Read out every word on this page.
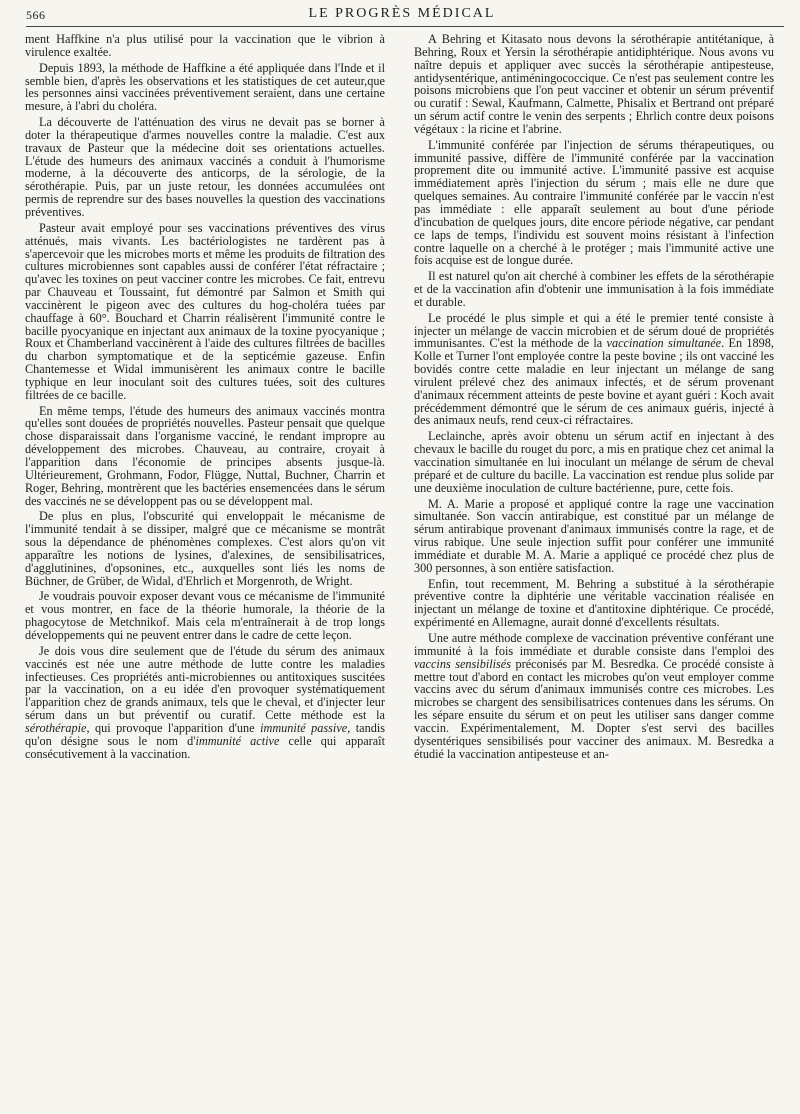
566	LE PROGRÈS MÉDICAL

ment Haffkine n'a plus utilisé pour la vaccination que le vibrion à virulence exaltée.

Depuis 1893, la méthode de Haffkine a été appliquée dans l'Inde et il semble bien, d'après les observations et les statistiques de cet auteur,que les personnes ainsi vaccinées préventivement seraient, dans une certaine mesure, à l'abri du choléra.

La découverte de l'atténuation des virus ne devait pas se borner à doter la thérapeutique d'armes nouvelles contre la maladie. C'est aux travaux de Pasteur que la médecine doit ses orientations actuelles. L'étude des humeurs des animaux vaccinés a conduit à l'humorisme moderne, à la découverte des anticorps, de la sérologie, de la sérothérapie. Puis, par un juste retour, les données accumulées ont permis de reprendre sur des bases nouvelles la question des vaccinations préventives.

Pasteur avait employé pour ses vaccinations préventives des virus atténués, mais vivants. Les bactériologistes ne tardèrent pas à s'apercevoir que les microbes morts et même les produits de filtration des cultures microbiennes sont capables aussi de conférer l'état réfractaire ; qu'avec les toxines on peut vacciner contre les microbes. Ce fait, entrevu par Chauveau et Toussaint, fut démontré par Salmon et Smith qui vaccinèrent le pigeon avec des cultures du hog-choléra tuées par chauffage à 60°. Bouchard et Charrin réalisèrent l'immunité contre le bacille pyocyanique en injectant aux animaux de la toxine pyocyanique ; Roux et Chamberland vaccinèrent à l'aide des cultures filtrées de bacilles du charbon symptomatique et de la septicémie gazeuse. Enfin Chantemesse et Widal immunisèrent les animaux contre le bacille typhique en leur inoculant soit des cultures tuées, soit des cultures filtrées de ce bacille.

En même temps, l'étude des humeurs des animaux vaccinés montra qu'elles sont douées de propriétés nouvelles. Pasteur pensait que quelque chose disparaissait dans l'organisme vacciné, le rendant impropre au développement des microbes. Chauveau, au contraire, croyait à l'apparition dans l'économie de principes absents jusque-là. Ultérieurement, Grohmann, Fodor, Flügge, Nuttal, Buchner, Charrin et Roger, Behring, montrèrent que les bactéries ensemencées dans le sérum des vaccinés ne se développent pas ou se développent mal.

De plus en plus, l'obscurité qui enveloppait le mécanisme de l'immunité tendait à se dissiper, malgré que ce mécanisme se montrât sous la dépendance de phénomènes complexes. C'est alors qu'on vit apparaître les notions de lysines, d'alexines, de sensibilisatrices, d'agglutinines, d'opsonines, etc., auxquelles sont liés les noms de Büchner, de Grüber, de Widal, d'Ehrlich et Morgenroth, de Wright.

Je voudrais pouvoir exposer devant vous ce mécanisme de l'immunité et vous montrer, en face de la théorie humorale, la théorie de la phagocytose de Metchnikof. Mais cela m'entraînerait à de trop longs développements qui ne peuvent entrer dans le cadre de cette leçon.

Je dois vous dire seulement que de l'étude du sérum des animaux vaccinés est née une autre méthode de lutte contre les maladies infectieuses. Ces propriétés anti-microbiennes ou antitoxiques suscitées par la vaccination, on a eu idée d'en provoquer systématiquement l'apparition chez de grands animaux, tels que le cheval, et d'injecter leur sérum dans un but préventif ou curatif. Cette méthode est la sérothérapie, qui provoque l'apparition d'une immunité passive, tandis qu'on désigne sous le nom d'immunité active celle qui apparaît consécutivement à la vaccination.

A Behring et Kitasato nous devons la sérothérapie antitétanique, à Behring, Roux et Yersin la sérothérapie antidiphtérique. Nous avons vu naître depuis et appliquer avec succès la sérothérapie antipesteuse, antidysentérique, antiméningococcique. Ce n'est pas seulement contre les poisons microbiens que l'on peut vacciner et obtenir un sérum préventif ou curatif : Sewal, Kaufmann, Calmette, Phisalix et Bertrand ont préparé un sérum actif contre le venin des serpents ; Ehrlich contre deux poisons végétaux : la ricine et l'abrine.

L'immunité conférée par l'injection de sérums thérapeutiques, ou immunité passive, diffère de l'immunité conférée par la vaccination proprement dite ou immunité active. L'immunité passive est acquise immédiatement après l'injection du sérum ; mais elle ne dure que quelques semaines. Au contraire l'immunité conférée par le vaccin n'est pas immédiate : elle apparaît seulement au bout d'une période d'incubation de quelques jours, dite encore période négative, car pendant ce laps de temps, l'individu est souvent moins résistant à l'infection contre laquelle on a cherché à le protéger ; mais l'immunité active une fois acquise est de longue durée.

Il est naturel qu'on ait cherché à combiner les effets de la sérothérapie et de la vaccination afin d'obtenir une immunisation à la fois immédiate et durable.

Le procédé le plus simple et qui a été le premier tenté consiste à injecter un mélange de vaccin microbien et de sérum doué de propriétés immunisantes. C'est la méthode de la vaccination simultanée. En 1898, Kolle et Turner l'ont employée contre la peste bovine ; ils ont vacciné les bovidés contre cette maladie en leur injectant un mélange de sang virulent prélevé chez des animaux infectés, et de sérum provenant d'animaux récemment atteints de peste bovine et ayant guéri : Koch avait précédemment démontré que le sérum de ces animaux guéris, injecté à des animaux neufs, rend ceux-ci réfractaires.

Leclainche, après avoir obtenu un sérum actif en injectant à des chevaux le bacille du rouget du porc, a mis en pratique chez cet animal la vaccination simultanée en lui inoculant un mélange de sérum de cheval préparé et de culture du bacille. La vaccination est rendue plus solide par une deuxième inoculation de culture bactérienne, pure, cette fois.

M. A. Marie a proposé et appliqué contre la rage une vaccination simultanée. Son vaccin antirabique, est constitué par un mélange de sérum antirabique provenant d'animaux immunisés contre la rage, et de virus rabique. Une seule injection suffit pour conférer une immunité immédiate et durable M. A. Marie a appliqué ce procédé chez plus de 300 personnes, à son entière satisfaction.

Enfin, tout recemment, M. Behring a substitué à la sérothérapie préventive contre la diphtérie une véritable vaccination réalisée en injectant un mélange de toxine et d'antitoxine diphtérique. Ce procédé, expérimenté en Allemagne, aurait donné d'excellents résultats.

Une autre méthode complexe de vaccination préventive conférant une immunité à la fois immédiate et durable consiste dans l'emploi des vaccins sensibilisés préconisés par M. Besredka. Ce procédé consiste à mettre tout d'abord en contact les microbes qu'on veut employer comme vaccins avec du sérum d'animaux immunisés contre ces microbes. Les microbes se chargent des sensibilisatrices contenues dans les sérums. On les sépare ensuite du sérum et on peut les utiliser sans danger comme vaccin. Expérimentalement, M. Dopter s'est servi des bacilles dysentériques sensibilisés pour vacciner des animaux. M. Besredka a étudié la vaccination antipesteuse et an-
